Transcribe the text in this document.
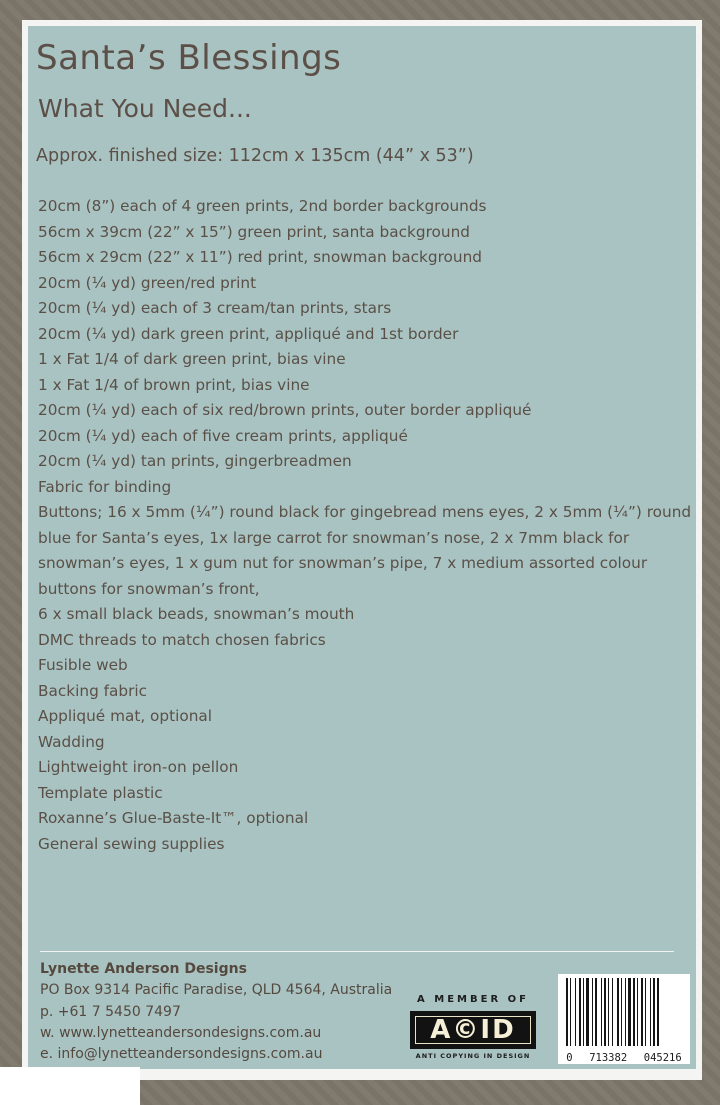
Santa’s Blessings
What You Need...
Approx. finished size: 112cm x 135cm (44” x 53”)
20cm (8”) each of 4 green prints, 2nd border backgrounds
56cm x 39cm (22” x 15”) green print, santa background
56cm x 29cm (22” x 11”) red print, snowman background
20cm (¼ yd) green/red print
20cm (¼ yd) each of 3 cream/tan prints, stars
20cm (¼ yd) dark green print, appliqué and 1st border
1 x Fat 1/4 of dark green print, bias vine
1 x Fat 1/4 of brown print, bias vine
20cm (¼ yd) each of six red/brown prints, outer border appliqué
20cm (¼ yd) each of five cream prints, appliqué
20cm (¼ yd) tan prints, gingerbreadmen
Fabric for binding
Buttons; 16 x 5mm (¼”) round black for gingebread mens eyes, 2 x 5mm (¼”) round
blue for Santa’s eyes, 1x large carrot for snowman’s nose, 2 x 7mm black for
snowman’s eyes, 1 x gum nut for snowman’s pipe, 7 x medium assorted colour
buttons for snowman’s front,
6 x small black beads, snowman’s mouth
DMC threads to match chosen fabrics
Fusible web
Backing fabric
Appliqué mat, optional
Wadding
Lightweight iron-on pellon
Template plastic
Roxanne’s Glue-Baste-It™, optional
General sewing supplies
Lynette Anderson Designs
PO Box 9314 Pacific Paradise, QLD 4564, Australia
p. +61 7 5450 7497
w. www.lynetteandersondesigns.com.au
e. info@lynetteandersondesigns.com.au
A MEMBER OF
A©ID
ANTI COPYING IN DESIGN	0 713382 045216
